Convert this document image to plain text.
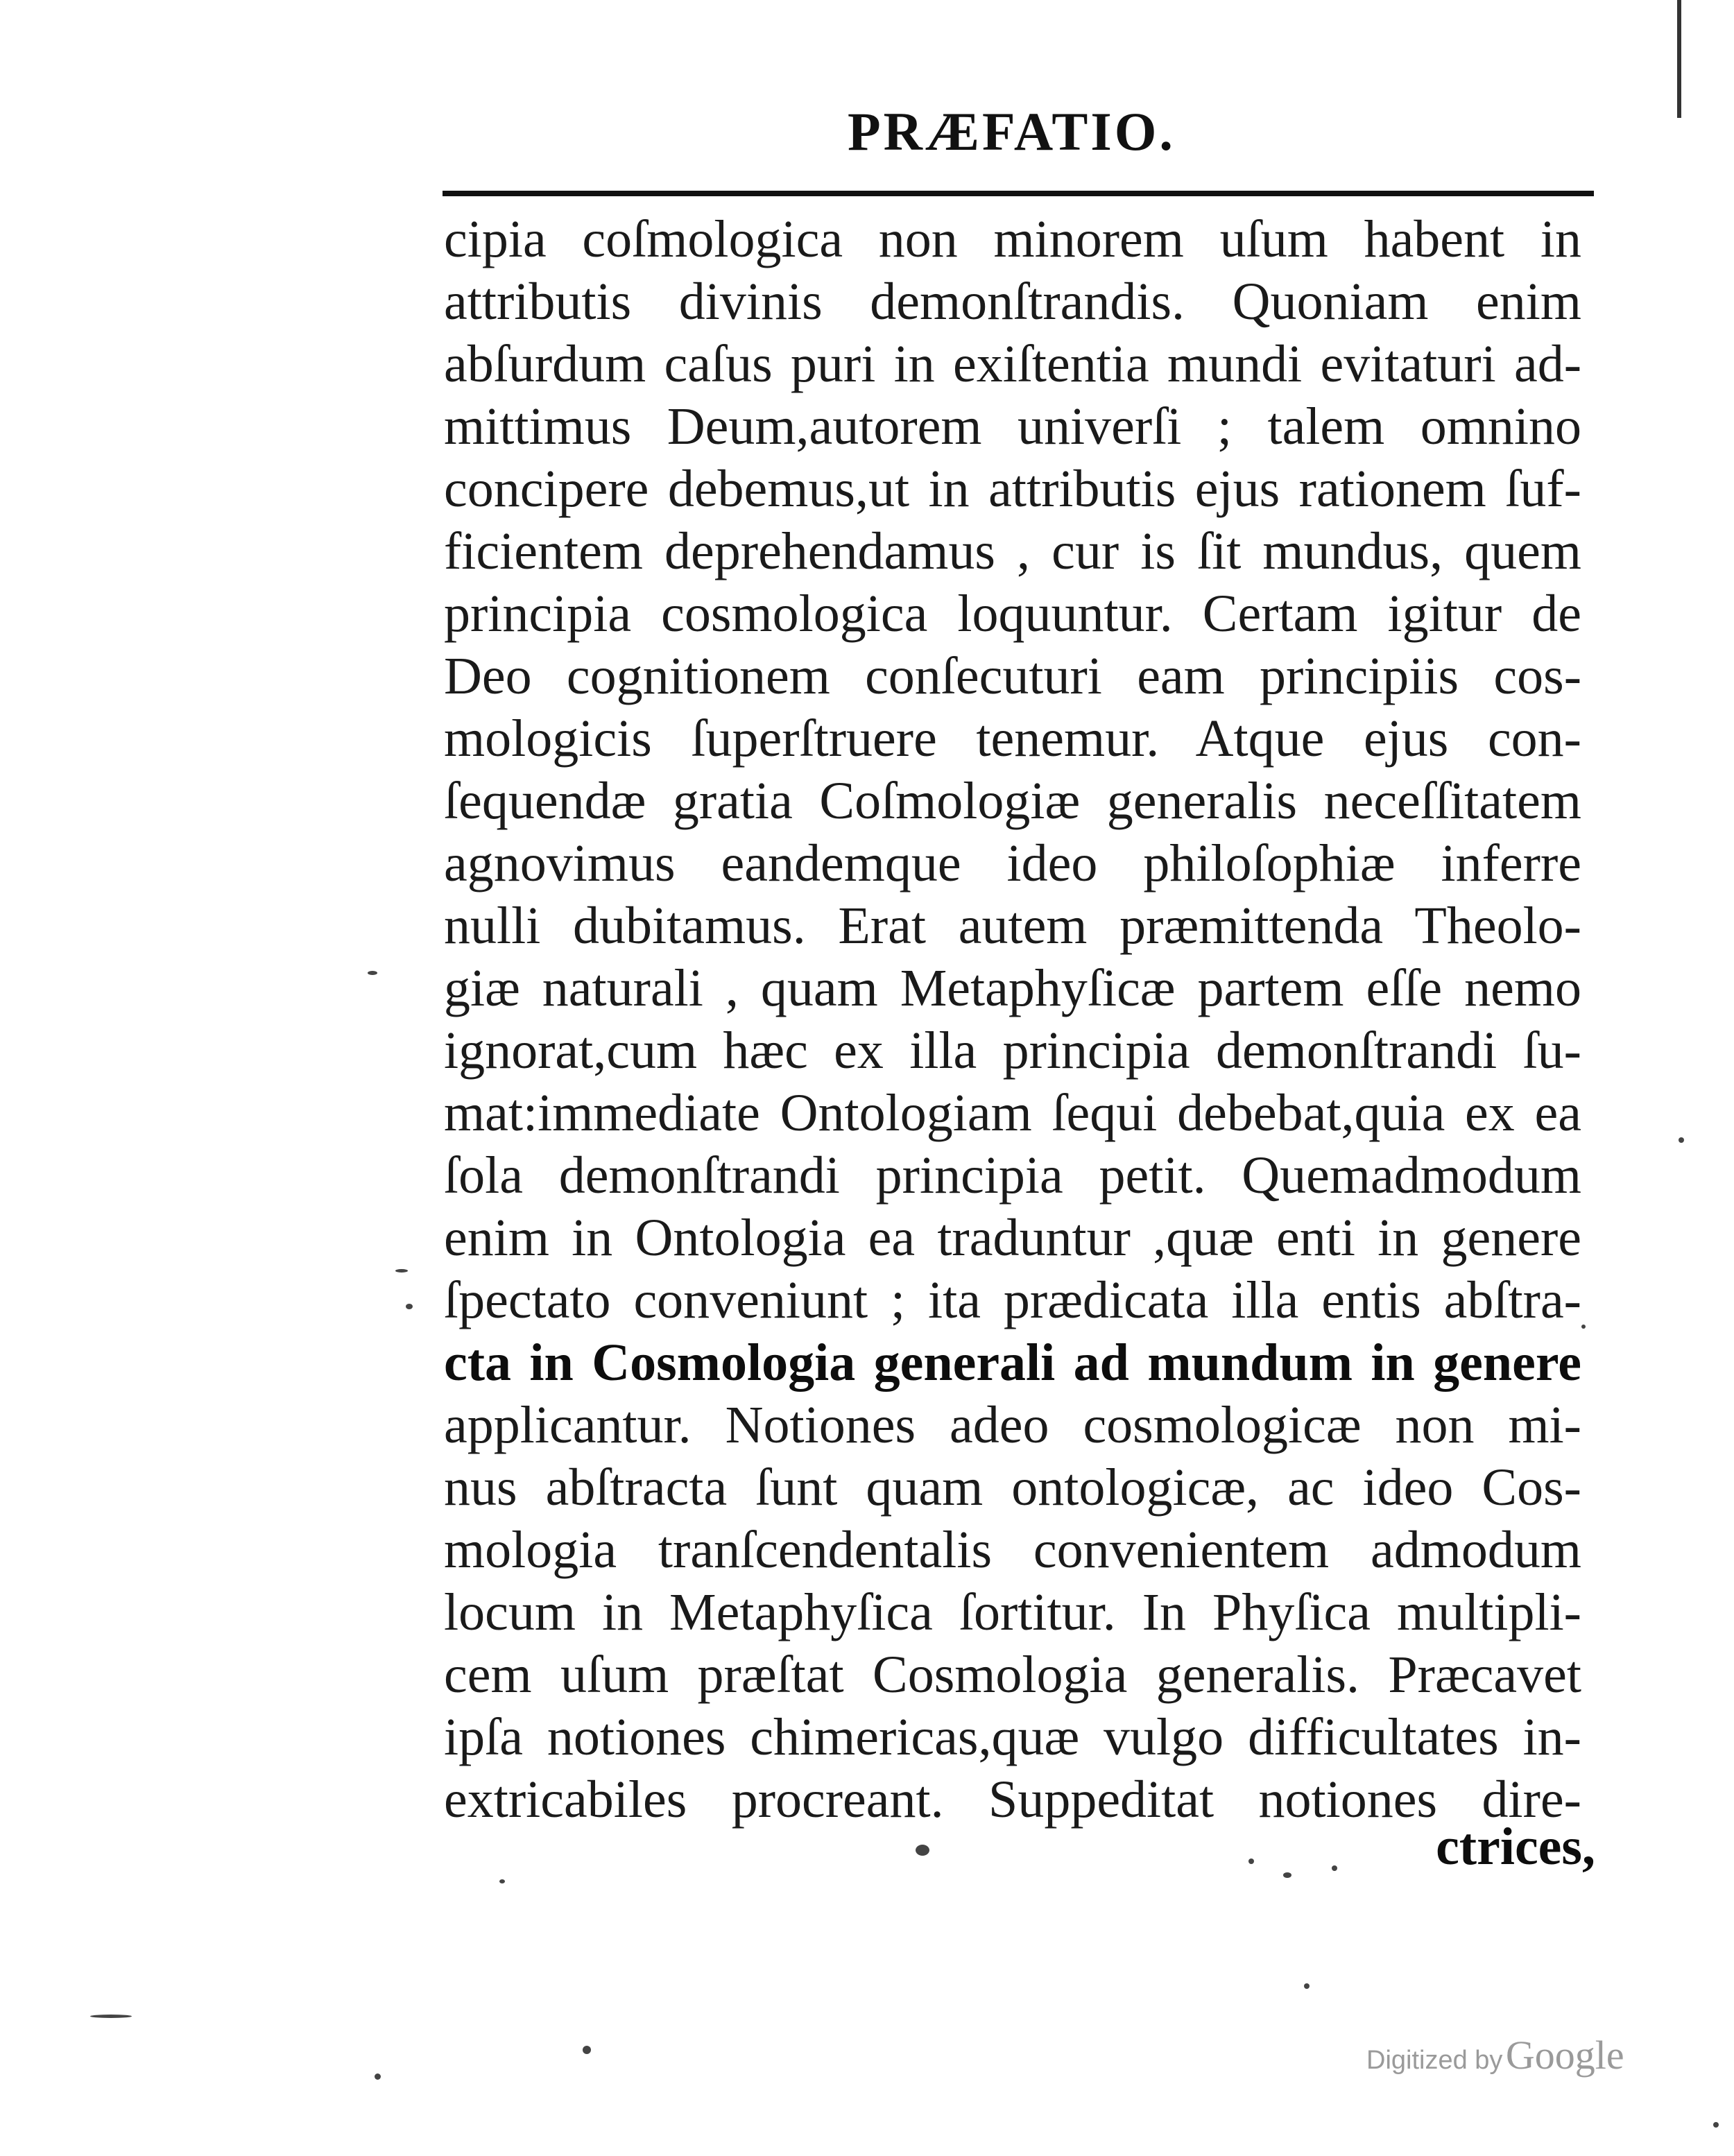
PRÆFATIO.
cipia coſmologica non minorem uſum habent in
attributis divinis demonſtrandis. Quoniam enim
abſurdum caſus puri in exiſtentia mundi evitaturi ad-
mittimus Deum,autorem univerſi ; talem omnino
concipere debemus,ut in attributis ejus rationem ſuf-
ficientem deprehendamus , cur is ſit mundus, quem
principia cosmologica loquuntur. Certam igitur de
Deo cognitionem conſecuturi eam principiis cos-
mologicis ſuperſtruere tenemur. Atque ejus con-
ſequendæ gratia Coſmologiæ generalis neceſſitatem
agnovimus eandemque ideo philoſophiæ inferre
nulli dubitamus. Erat autem præmittenda Theolo-
giæ naturali , quam Metaphyſicæ partem eſſe nemo
ignorat,cum hæc ex illa principia demonſtrandi ſu-
mat:immediate Ontologiam ſequi debebat,quia ex ea
ſola demonſtrandi principia petit. Quemadmodum
enim in Ontologia ea traduntur ,quæ enti in genere
ſpectato conveniunt ; ita prædicata illa entis abſtra-
cta in Cosmologia generali ad mundum in genere
applicantur. Notiones adeo cosmologicæ non mi-
nus abſtracta ſunt quam ontologicæ, ac ideo Cos-
mologia tranſcendentalis convenientem admodum
locum in Metaphyſica ſortitur. In Phyſica multipli-
cem uſum præſtat Cosmologia generalis. Præcavet
ipſa notiones chimericas,quæ vulgo difficultates in-
extricabiles procreant. Suppeditat notiones dire-
ctrices,
Digitized by Google
